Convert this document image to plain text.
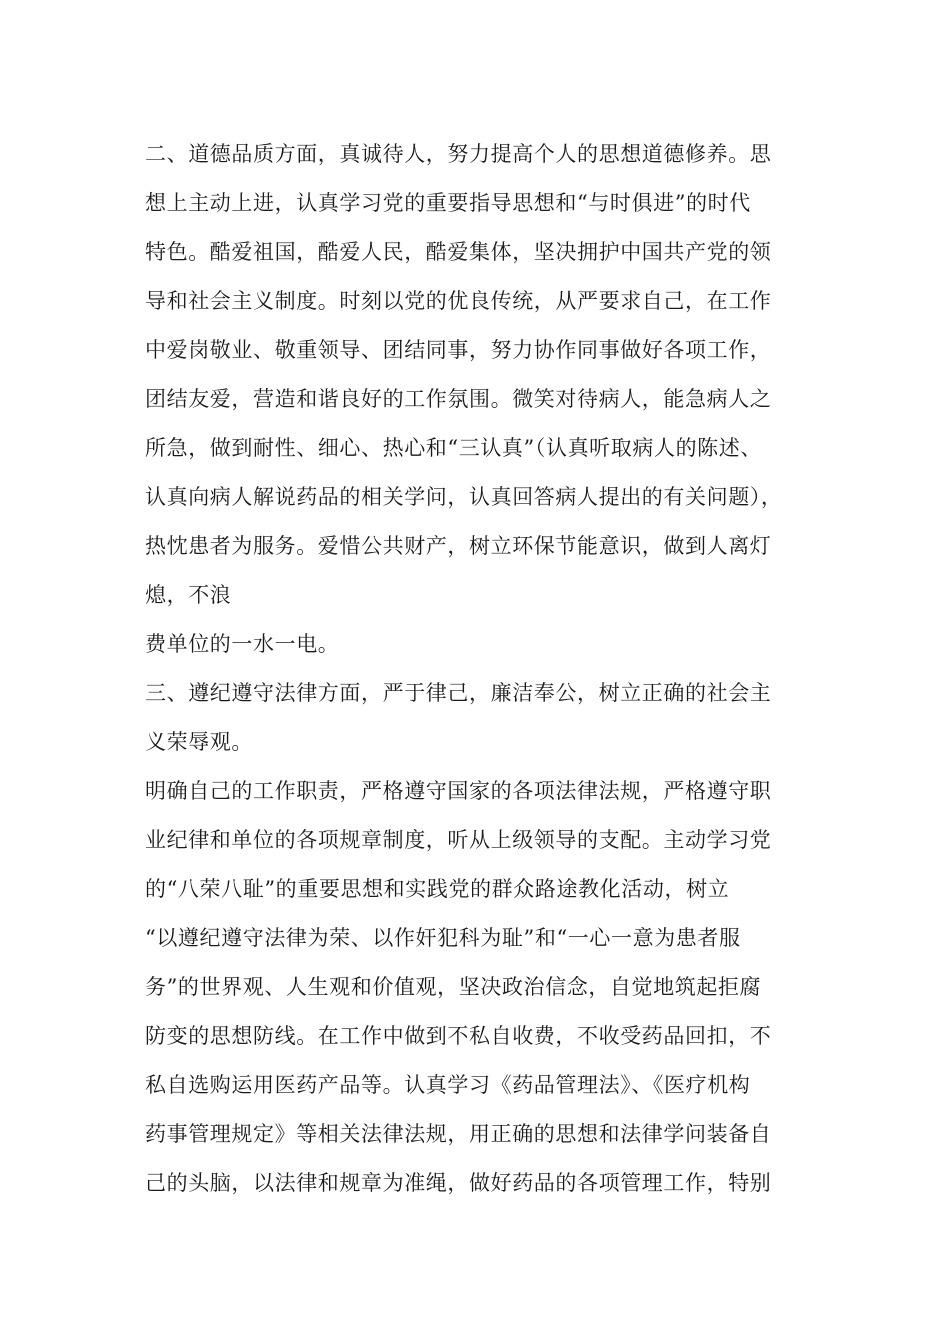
二、道德品质方面，真诚待人，努力提高个人的思想道德修养。思
想上主动上进，认真学习党的重要指导思想和“与时俱进”的时代
特色。酷爱祖国，酷爱人民，酷爱集体，坚决拥护中国共产党的领
导和社会主义制度。时刻以党的优良传统，从严要求自己，在工作
中爱岗敬业、敬重领导、团结同事，努力协作同事做好各项工作，
团结友爱，营造和谐良好的工作氛围。微笑对待病人，能急病人之
所急，做到耐性、细心、热心和“三认真”（认真听取病人的陈述、
认真向病人解说药品的相关学问，认真回答病人提出的有关问题），
热忱患者为服务。爱惜公共财产，树立环保节能意识，做到人离灯
熄，不浪
费单位的一水一电。
三、遵纪遵守法律方面，严于律己，廉洁奉公，树立正确的社会主
义荣辱观。
明确自己的工作职责，严格遵守国家的各项法律法规，严格遵守职
业纪律和单位的各项规章制度，听从上级领导的支配。主动学习党
的“八荣八耻”的重要思想和实践党的群众路途教化活动，树立
“以遵纪遵守法律为荣、以作奸犯科为耻”和“一心一意为患者服
务”的世界观、人生观和价值观，坚决政治信念，自觉地筑起拒腐
防变的思想防线。在工作中做到不私自收费，不收受药品回扣，不
私自选购运用医药产品等。认真学习《药品管理法》、《医疗机构
药事管理规定》等相关法律法规，用正确的思想和法律学问装备自
己的头脑，以法律和规章为准绳，做好药品的各项管理工作，特别
